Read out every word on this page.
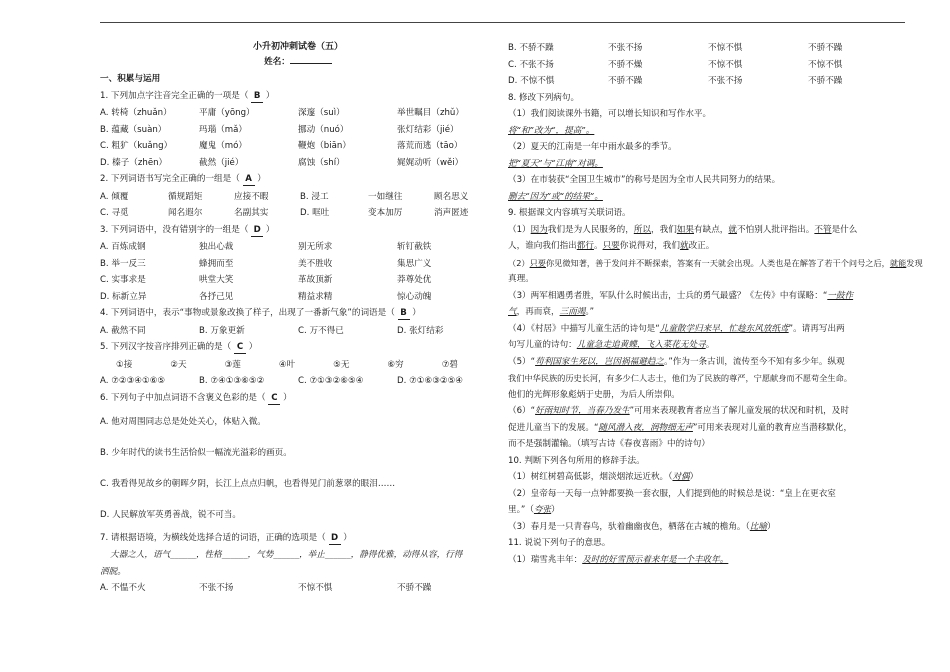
小升初冲刺试卷（五）
姓名：
一、积累与运用
1. 下列加点字注音完全正确的一项是（ B ）
A. 转椅（zhuǎn）	平庸（yōng）	深邃（suì）	举世瞩目（zhǔ）
B. 蕴藏（suàn）	玛瑙（mǎ）	挪动（nuó）	张灯结彩（jié）
C. 粗犷（kuǎng）	魔鬼（mó）	鞭炮（biān）	落荒而逃（tāo）
D. 榛子（zhēn）	截然（jié）	腐蚀（shí）	娓娓动听（wěi）
2. 下列词语书写完全正确的一组是（ A ）
A. 倾覆	循规蹈矩	应接不暇	B. 浸工	一如继往	顾名思义
C. 寻觅	闻名遐尔	名副其实	D. 哐吐	变本加厉	消声匿迹
3. 下列词语中，没有错别字的一组是（ D ）
A. 百炼成钢	独出心裁	别无所求	斩钉截铁
B. 举一反三	蜂拥而至	美不胜收	集思广义
C. 实事求是	哄堂大笑	革故顶新	莽尊处优
D. 标新立异	各抒己见	精益求精	惊心动魄
4. 下列词语中，表示“事物或景象改换了样子，出现了一番新气象”的词语是（ B ）
A. 截然不同	B. 万象更新	C. 万不得已	D. 张灯结彩
5. 下列汉字按音序排列正确的是（ C ）
①接	②天	③莲	④叶	⑤无	⑥穷	⑦碧
A. ⑦②③④①⑥⑤	B. ⑦④①③⑥⑤②	C. ⑦①③②⑥⑤④	D. ⑦①⑥③②⑤④
6. 下列句子中加点词语不含褒义色彩的是（ C ）
A. 他对周围同志总是处处关心，体贴入微。
B. 少年时代的读书生活恰似一幅流光溢彩的画页。
C. 我看得见故乡的朝晖夕阴，长江上点点归帆，也看得见门前葱翠的眼泪……
D. 人民解放军英勇善战，锐不可当。
7. 请根据语境，为横线处选择合适的词语，正确的选项是（ D ）
大器之人，语气______，性格______，气势______，举止______，静得优雅，动得从容，行得
洒脱。
A. 不愠不火	不张不扬	不惊不惧	不骄不躁
B. 不骄不躁	不张不扬	不惊不惧	不骄不躁
C. 不张不扬	不骄不燥	不惊不惧	不惊不惧
D. 不惊不惧	不骄不躁	不张不扬	不骄不躁
8. 修改下列病句。
（1）我们阅读课外书籍，可以增长知识和写作水平。
将“和”改为“，提高”。
（2）夏天的江南是一年中雨水最多的季节。
把“夏天”与“江南”对调。
（3）在市装获“全国卫生城市”的称号是因为全市人民共同努力的结果。
删去“因为”或“的结果”。
9. 根据课文内容填写关联词语。
（1）因为我们是为人民服务的，所以，我们如果有缺点，就不怕别人批评指出。不管是什么
人，谁向我们指出都行。只要你说得对，我们就改正。
（2）只要你见微知著，善于发问并不断探索，答案有一天就会出现。人类也是在解答了若干个问号之后，就能发现
真理。
（3）两军相遇勇者胜，军队什么时候出击，士兵的勇气最盛？《左传》中有谋略：“一鼓作
气，再而衰，三而竭。”
（4）《村居》中描写儿童生活的诗句是“儿童散学归来早，忙趁东风放纸鸢”。请再写出两
句写儿童的诗句：儿童急走追黄蝶，飞入菜花无处寻。
（5）“苟利国家生死以，岂因祸福避趋之。”作为一条古训，流传至今不知有多少年。纵观
我们中华民族的历史长河，有多少仁人志士，他们为了民族的尊严，宁愿献身而不愿苟全生命。
他们的光辉形象彪炳于史册，为后人所崇仰。
（6）“好雨知时节，当春乃发生”可用来表现教育者应当了解儿童发展的状况和时机，及时
促进儿童当下的发展。“随风潜入夜，润物细无声”可用来表现对儿童的教育应当潜移默化，
而不是强制灌输。（填写古诗《春夜喜雨》中的诗句）
10. 判断下列各句所用的修辞手法。
（1）树红树碧高低影，烟淡烟浓远近秋。（对偶）
（2）皇帝每一天每一点钟都要换一套衣服，人们提到他的时候总是说：“皇上在更衣室
里。”（夸张）
（3）春月是一只青春鸟，驮着幽幽夜色，栖落在古城的檐角。（比喻）
11. 说说下列句子的意思。
（1）瑞雪兆丰年：及时的好雪预示着来年是一个丰收年。
